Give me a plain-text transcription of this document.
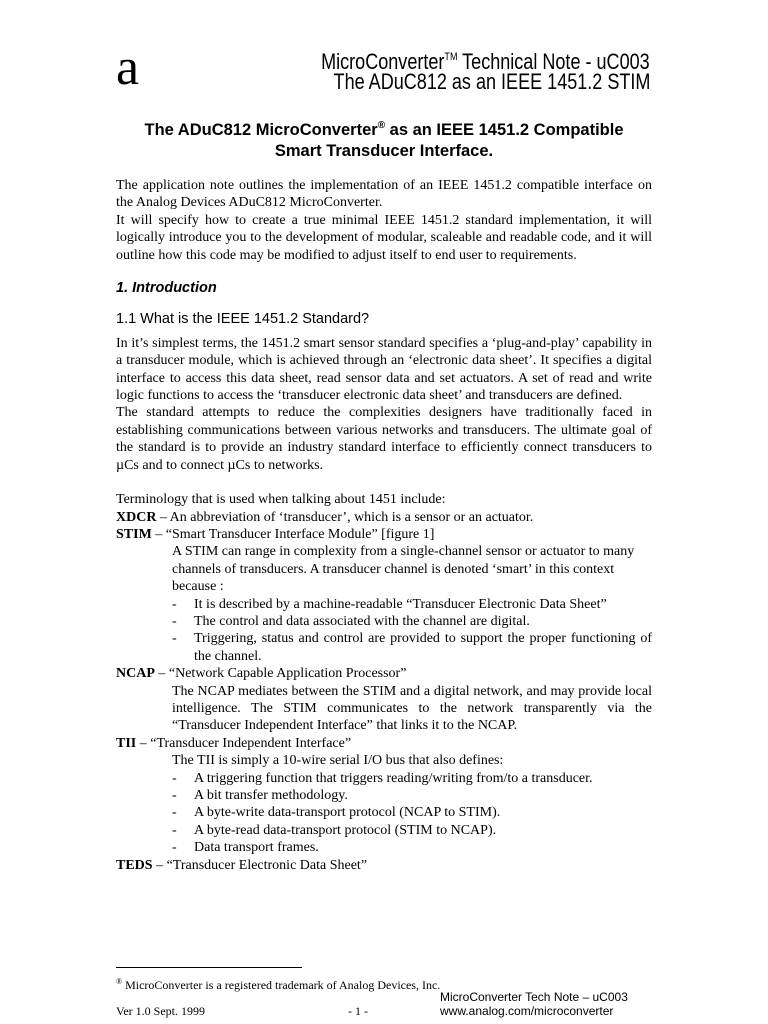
a	MicroConverter™ Technical Note - uC003
The ADuC812 as an IEEE 1451.2 STIM
The ADuC812 MicroConverter® as an IEEE 1451.2 Compatible
Smart Transducer Interface.

The application note outlines the implementation of an IEEE 1451.2 compatible interface on the Analog Devices ADuC812 MicroConverter.

It will specify how to create a true minimal IEEE 1451.2 standard implementation, it will logically introduce you to the development of modular, scaleable and readable code, and it will outline how this code may be modified to adjust itself to end user to requirements.

1. Introduction

1.1 What is the IEEE 1451.2 Standard?

In it’s simplest terms, the 1451.2 smart sensor standard specifies a ‘plug-and-play’ capability in a transducer module, which is achieved through an ‘electronic data sheet’. It specifies a digital interface to access this data sheet, read sensor data and set actuators. A set of read and write logic functions to access the ‘transducer electronic data sheet’ and transducers are defined.

The standard attempts to reduce the complexities designers have traditionally faced in establishing communications between various networks and transducers. The ultimate goal of the standard is to provide an industry standard interface to efficiently connect transducers to µCs and to connect µCs to networks.

Terminology that is used when talking about 1451 include:

XDCR – An abbreviation of ‘transducer’, which is a sensor or an actuator.

STIM – “Smart Transducer Interface Module” [figure 1]

A STIM can range in complexity from a single-channel sensor or actuator to many channels of transducers. A transducer channel is denoted ‘smart’ in this context because :

-	It is described by a machine-readable “Transducer Electronic Data Sheet”
-	The control and data associated with the channel are digital.
-	Triggering, status and control are provided to support the proper functioning of the channel.

NCAP – “Network Capable Application Processor”

The NCAP mediates between the STIM and a digital network, and may provide local intelligence. The STIM communicates to the network transparently via the “Transducer Independent Interface” that links it to the NCAP.

TII – “Transducer Independent Interface”

The TII is simply a 10-wire serial I/O bus that also defines:

-	A triggering function that triggers reading/writing from/to a transducer.
-	A bit transfer methodology.
-	A byte-write data-transport protocol (NCAP to STIM).
-	A byte-read data-transport protocol (STIM to NCAP).
-	Data transport frames.

TEDS – “Transducer Electronic Data Sheet”

® MicroConverter is a registered trademark of Analog Devices, Inc.
Ver 1.0 Sept. 1999	- 1 -
MicroConverter Tech Note – uC003
www.analog.com/microconverter
